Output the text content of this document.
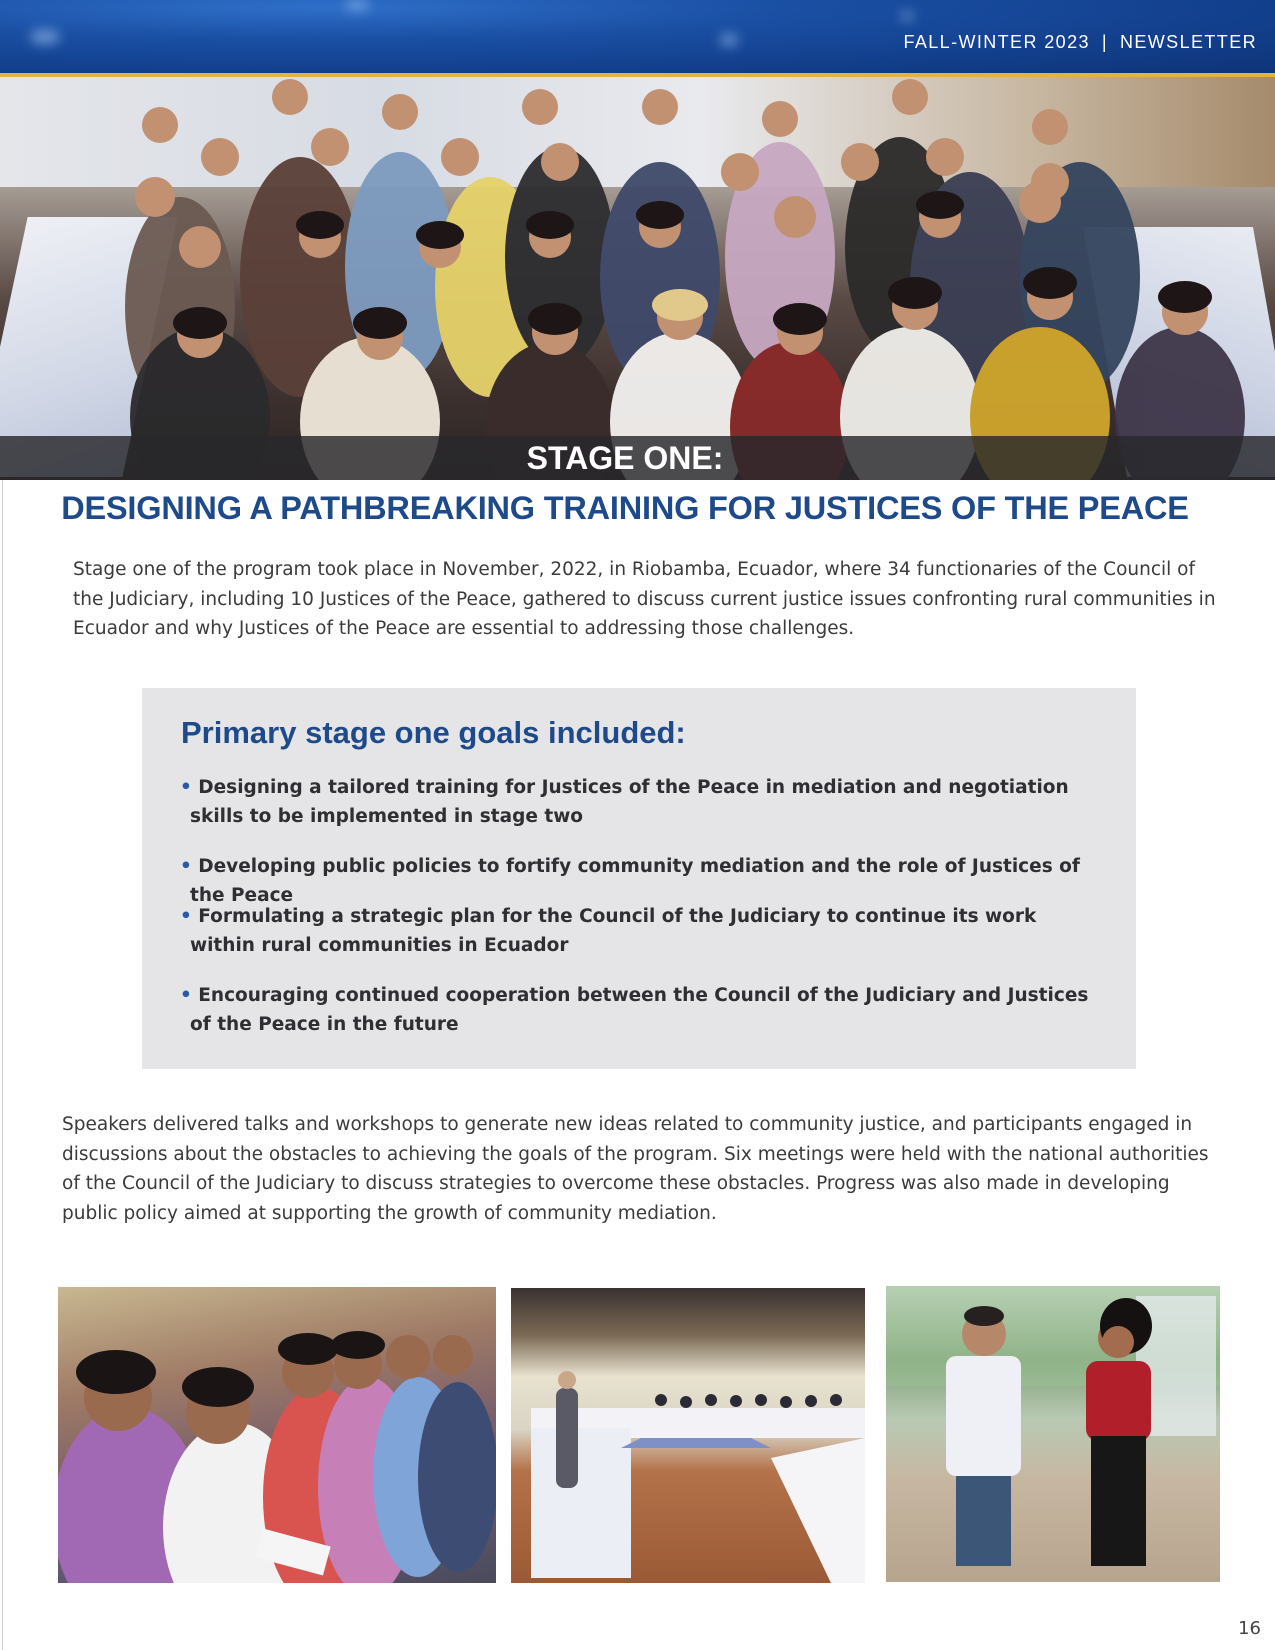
FALL-WINTER 2023 | NEWSLETTER
STAGE ONE:
DESIGNING A PATHBREAKING TRAINING FOR JUSTICES OF THE PEACE

Stage one of the program took place in November, 2022, in Riobamba, Ecuador, where 34 functionaries of the Council of the Judiciary, including 10 Justices of the Peace, gathered to discuss current justice issues confronting rural communities in Ecuador and why Justices of the Peace are essential to addressing those challenges.

Primary stage one goals included:
• Designing a tailored training for Justices of the Peace in mediation and negotiation skills to be implemented in stage two
• Developing public policies to fortify community mediation and the role of Justices of the Peace
• Formulating a strategic plan for the Council of the Judiciary to continue its work within rural communities in Ecuador
• Encouraging continued cooperation between the Council of the Judiciary and Justices of the Peace in the future

Speakers delivered talks and workshops to generate new ideas related to community justice, and participants engaged in discussions about the obstacles to achieving the goals of the program. Six meetings were held with the national authorities of the Council of the Judiciary to discuss strategies to overcome these obstacles. Progress was also made in developing public policy aimed at supporting the growth of community mediation.

16
